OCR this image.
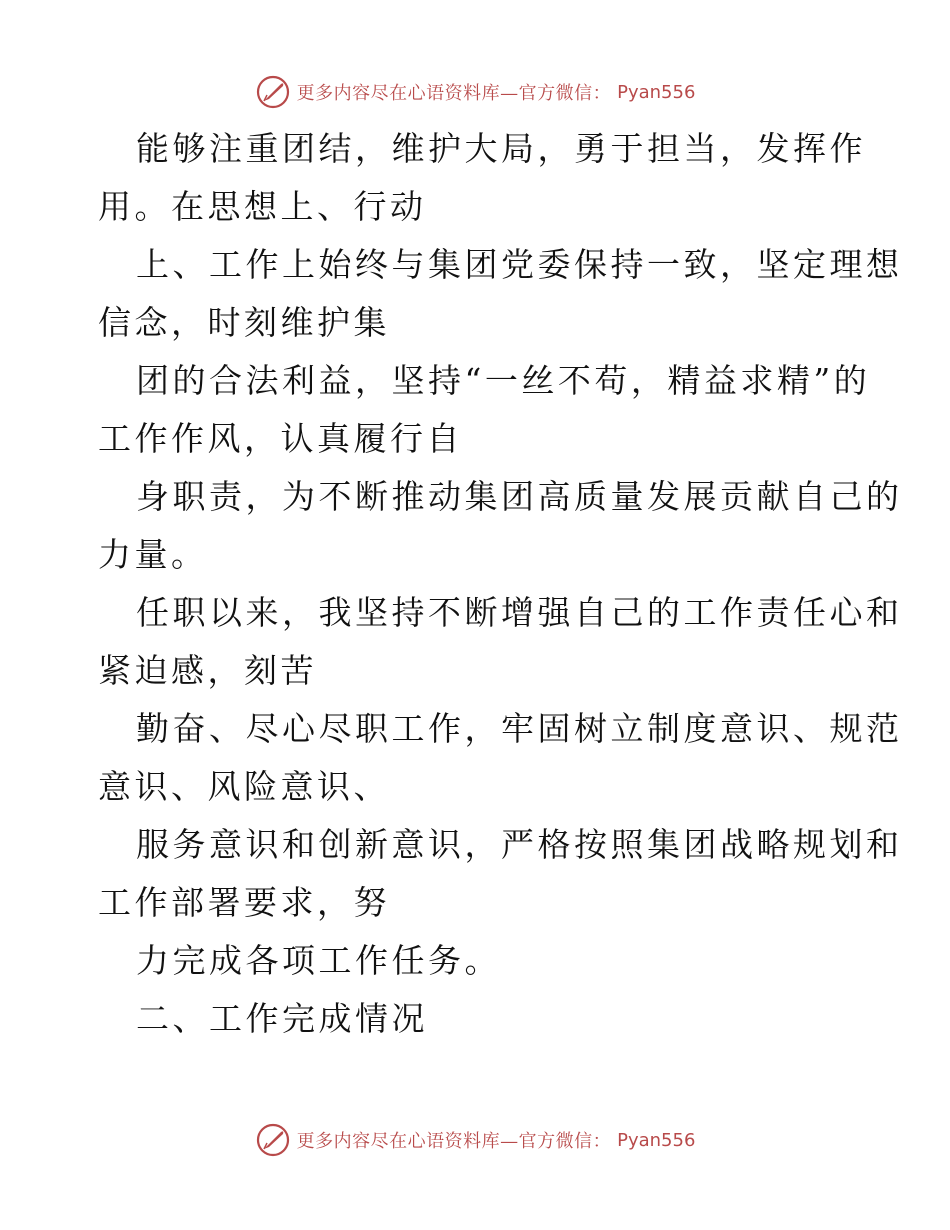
更多内容尽在心语资料库—官方微信： Pyan556
能够注重团结，维护大局，勇于担当，发挥作
用。在思想上、行动
上、工作上始终与集团党委保持一致，坚定理想
信念，时刻维护集
团的合法利益，坚持“一丝不苟，精益求精”的
工作作风，认真履行自
身职责，为不断推动集团高质量发展贡献自己的
力量。
任职以来，我坚持不断增强自己的工作责任心和
紧迫感，刻苦
勤奋、尽心尽职工作，牢固树立制度意识、规范
意识、风险意识、
服务意识和创新意识，严格按照集团战略规划和
工作部署要求，努
力完成各项工作任务。
二、工作完成情况
更多内容尽在心语资料库—官方微信： Pyan556
